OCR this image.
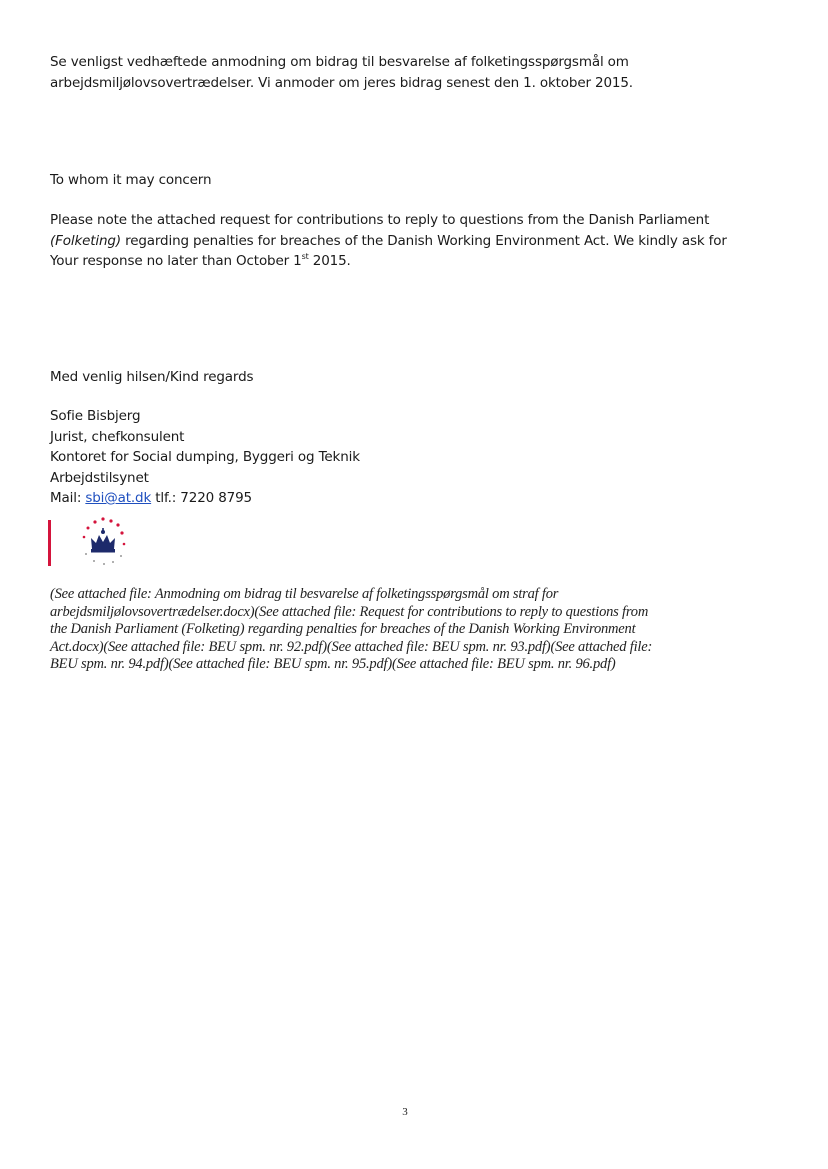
Se venligst vedhæftede anmodning om bidrag til besvarelse af folketingsspørgsmål om
arbejdsmiljølovsovertrædelser. Vi anmoder om jeres bidrag senest den 1. oktober 2015.
To whom it may concern
Please note the attached request for contributions to reply to questions from the Danish Parliament
(Folketing) regarding penalties for breaches of the Danish Working Environment Act. We kindly ask for
Your response no later than October 1st 2015.
Med venlig hilsen/Kind regards
Sofie Bisbjerg
Jurist, chefkonsulent
Kontoret for Social dumping, Byggeri og Teknik
Arbejdstilsynet
Mail: sbi@at.dk tlf.: 7220 8795
(See attached file: Anmodning om bidrag til besvarelse af folketingsspørgsmål om straf for
arbejdsmiljølovsovertrædelser.docx)(See attached file: Request for contributions to reply to questions from
the Danish Parliament (Folketing) regarding penalties for breaches of the Danish Working Environment
Act.docx)(See attached file: BEU spm. nr. 92.pdf)(See attached file: BEU spm. nr. 93.pdf)(See attached file:
BEU spm. nr. 94.pdf)(See attached file: BEU spm. nr. 95.pdf)(See attached file: BEU spm. nr. 96.pdf)
3
